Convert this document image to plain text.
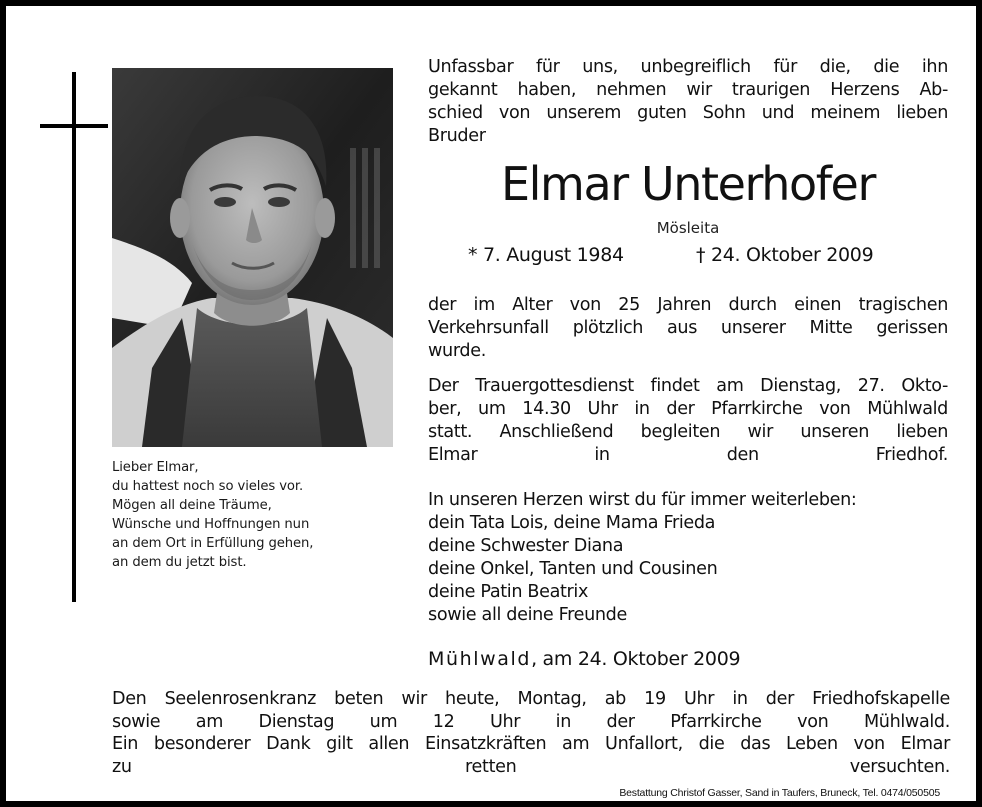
Lieber Elmar,
du hattest noch so vieles vor.
Mögen all deine Träume,
Wünsche und Hoffnungen nun
an dem Ort in Erfüllung gehen,
an dem du jetzt bist.
Unfassbar für uns, unbegreiflich für die, die ihn
gekannt haben, nehmen wir traurigen Herzens Ab-
schied von unserem guten Sohn und meinem lieben
Bruder
Elmar Unterhofer
Mösleita
* 7. August 1984	† 24. Oktober 2009
der im Alter von 25 Jahren durch einen tragischen
Verkehrsunfall plötzlich aus unserer Mitte gerissen
wurde.
Der Trauergottesdienst findet am Dienstag, 27. Okto-
ber, um 14.30 Uhr in der Pfarrkirche von Mühlwald
statt. Anschließend begleiten wir unseren lieben
Elmar in den Friedhof.
In unseren Herzen wirst du für immer weiterleben:
dein Tata Lois, deine Mama Frieda
deine Schwester Diana
deine Onkel, Tanten und Cousinen
deine Patin Beatrix
sowie all deine Freunde
Mühlwald, am 24. Oktober 2009
Den Seelenrosenkranz beten wir heute, Montag, ab 19 Uhr in der Friedhofskapelle
sowie am Dienstag um 12 Uhr in der Pfarrkirche von Mühlwald.
Ein besonderer Dank gilt allen Einsatzkräften am Unfallort, die das Leben von Elmar
zu retten versuchten.
Bestattung Christof Gasser, Sand in Taufers, Bruneck, Tel. 0474/050505
